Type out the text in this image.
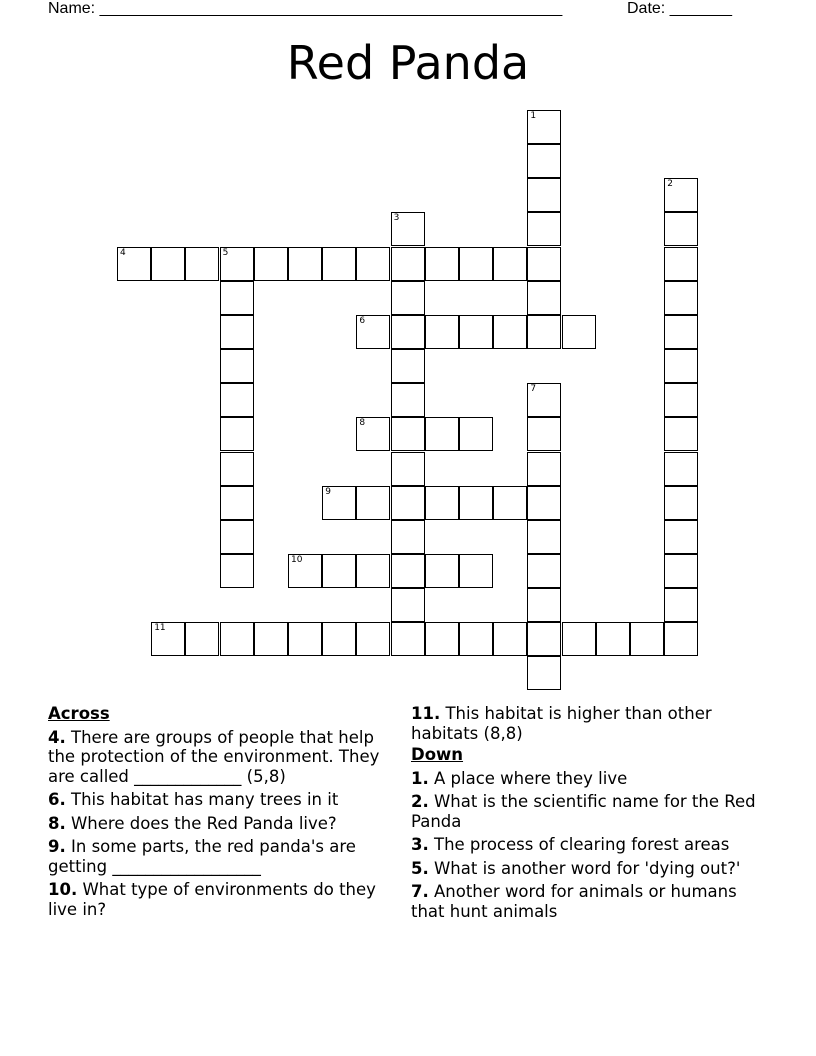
Name: ____________________________________________________	Date: _______
Red Panda
1
2
3
4	5
6
7
8
9
10
11

Across

4. There are groups of people that help the protection of the environment. They are called _____________ (5,8)

6. This habitat has many trees in it

8. Where does the Red Panda live?

9. In some parts, the red panda's are getting __________________

10. What type of environments do they live in?

11. This habitat is higher than other habitats (8,8)

Down

1. A place where they live

2. What is the scientific name for the Red Panda

3. The process of clearing forest areas

5. What is another word for 'dying out?'

7. Another word for animals or humans that hunt animals
